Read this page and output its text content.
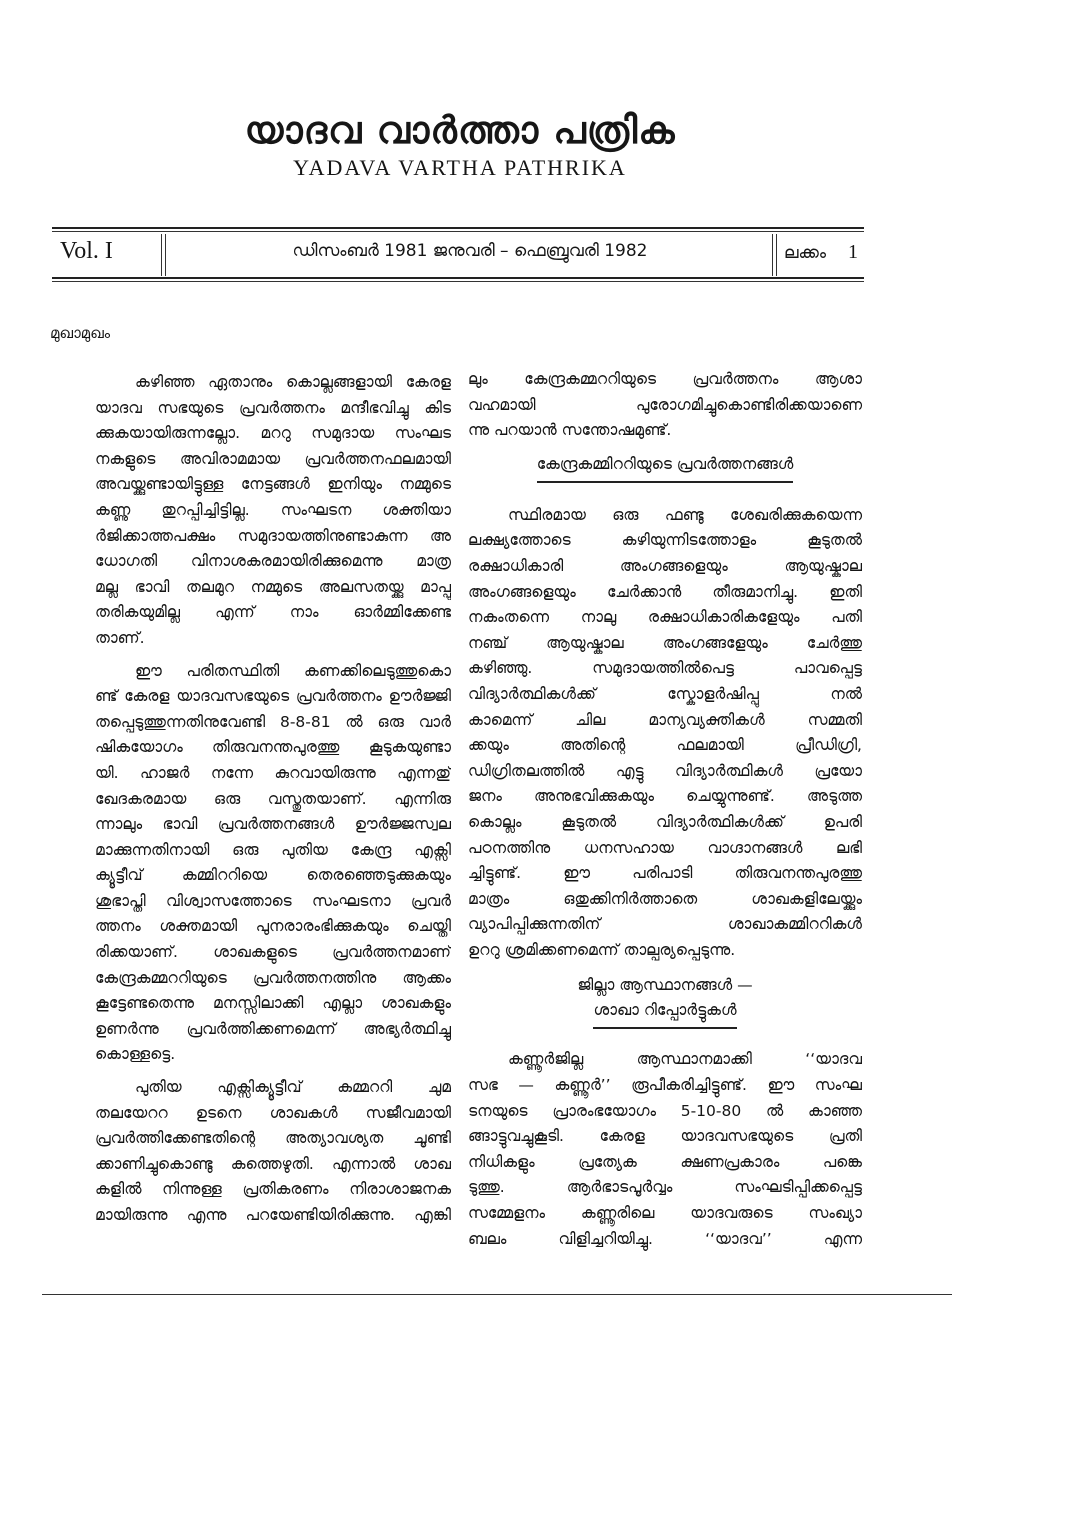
യാദവ വാർത്താ പത്രിക
YADAVA VARTHA PATHRIKA
Vol. I	ഡിസംബർ 1981 ജനുവരി – ഫെബ്രുവരി 1982	ലക്കം 1
മുഖാമുഖം
കഴിഞ്ഞ ഏതാനും കൊല്ലങ്ങളായി കേരള
യാദവ സഭയുടെ പ്രവർത്തനം മന്ദീഭവിച്ചു കിട
ക്കുകയായിരുന്നല്ലോ. മററു സമുദായ സംഘട
നകളുടെ അവിരാമമായ പ്രവർത്തനഫലമായി
അവയ്ക്കുണ്ടായിട്ടുള്ള നേട്ടങ്ങൾ ഇനിയും നമ്മുടെ
കണ്ണു തുറപ്പിച്ചിട്ടില്ല. സംഘടന ശക്തിയാ
ർജിക്കാത്തപക്ഷം സമുദായത്തിനുണ്ടാകുന്ന അ
ധോഗതി വിനാശകരമായിരിക്കുമെന്നു മാത്ര
മല്ല ഭാവി തലമുറ നമ്മുടെ അലസതയ്ക്കു മാപ്പു
തരികയുമില്ല എന്ന് നാം ഓർമ്മിക്കേണ്ട
താണ്.
ഈ പരിതസ്ഥിതി കണക്കിലെടുത്തുകൊ
ണ്ട് കേരള യാദവസഭയുടെ പ്രവർത്തനം ഊർജ്ജി
തപ്പെടുത്തുന്നതിനുവേണ്ടി 8-8-81 ൽ ഒരു വാർ
ഷികയോഗം തിരുവനന്തപുരത്തു കൂടുകയുണ്ടാ
യി. ഹാജർ നന്നേ കുറവായിരുന്നു എന്നതു്
ഖേദകരമായ ഒരു വസ്തുതയാണ്. എന്നിരു
ന്നാലും ഭാവി പ്രവർത്തനങ്ങൾ ഊർജ്ജസ്വല
മാക്കുന്നതിനായി ഒരു പുതിയ കേന്ദ്ര എക്സി
ക്യൂട്ടീവ് കമ്മിററിയെ തെരഞ്ഞെടുക്കുകയും
ശുഭാപ്തി വിശ്വാസത്തോടെ സംഘടനാ പ്രവർ
ത്തനം ശക്തമായി പുനരാരംഭിക്കുകയും ചെയ്തി
രിക്കയാണ്. ശാഖകളുടെ പ്രവർത്തനമാണ്
കേന്ദ്രകമ്മററിയുടെ പ്രവർത്തനത്തിനു ആക്കം
കൂട്ടേണ്ടതെന്നു മനസ്സിലാക്കി എല്ലാ ശാഖകളും
ഉണർന്നു പ്രവർത്തിക്കണമെന്ന് അഭ്യർത്ഥിച്ചു
കൊള്ളട്ടെ.
പുതിയ എക്സിക്യൂട്ടീവ് കമ്മററി ചുമ
തലയേററ ഉടനെ ശാഖകൾ സജീവമായി
പ്രവർത്തിക്കേണ്ടതിന്റെ അത്യാവശ്യത ചൂണ്ടി
ക്കാണിച്ചുകൊണ്ടു കത്തെഴുതി. എന്നാൽ ശാഖ
കളിൽ നിന്നുള്ള പ്രതികരണം നിരാശാജനക
മായിരുന്നു എന്നു പറയേണ്ടിയിരിക്കുന്നു. എങ്കി
ലും കേന്ദ്രകമ്മററിയുടെ പ്രവർത്തനം ആശാ
വഹമായി പുരോഗമിച്ചുകൊണ്ടിരിക്കയാണെ
ന്നു പറയാൻ സന്തോഷമുണ്ട്.
കേന്ദ്രകമ്മിററിയുടെ പ്രവർത്തനങ്ങൾ
സ്ഥിരമായ ഒരു ഫണ്ടു ശേഖരിക്കുകയെന്ന
ലക്ഷ്യത്തോടെ കഴിയുന്നിടത്തോളം കൂടുതൽ
രക്ഷാധികാരി അംഗങ്ങളെയും ആയുഷ്കാല
അംഗങ്ങളെയും ചേർക്കാൻ തീരുമാനിച്ചു. ഇതി
നകംതന്നെ നാലു രക്ഷാധികാരികളേയും പതി
നഞ്ച് ആയുഷ്കാല അംഗങ്ങളേയും ചേർത്തു
കഴിഞ്ഞു. സമുദായത്തിൽപെട്ട പാവപ്പെട്ട
വിദ്യാർത്ഥികൾക്ക് സ്കോളർഷിപ്പു നൽ
കാമെന്ന് ചില മാന്യവ്യക്തികൾ സമ്മതി
ക്കയും അതിന്റെ ഫലമായി പ്രീഡിഗ്രി,
ഡിഗ്രിതലത്തിൽ എട്ടു വിദ്യാർത്ഥികൾ പ്രയോ
ജനം അനുഭവിക്കുകയും ചെയ്യുന്നുണ്ട്. അടുത്ത
കൊല്ലം കൂടുതൽ വിദ്യാർത്ഥികൾക്ക് ഉപരി
പഠനത്തിനു ധനസഹായ വാഗ്ദാനങ്ങൾ ലഭി
ച്ചിട്ടുണ്ട്. ഈ പരിപാടി തിരുവനന്തപുരത്തു
മാത്രം ഒതുക്കിനിർത്താതെ ശാഖകളിലേയ്ക്കും
വ്യാപിപ്പിക്കുന്നതിന് ശാഖാകമ്മിററികൾ
ഉററു ശ്രമിക്കണമെന്ന് താല്പര്യപ്പെടുന്നു.
ജില്ലാ ആസ്ഥാനങ്ങൾ —
ശാഖാ റിപ്പോർട്ടുകൾ
കണ്ണൂർജില്ല ആസ്ഥാനമാക്കി ‘‘യാദവ
സഭ — കണ്ണൂർ’’ രൂപീകരിച്ചിട്ടുണ്ട്. ഈ സംഘ
ടനയുടെ പ്രാരംഭയോഗം 5-10-80 ൽ കാഞ്ഞ
ങ്ങാട്ടുവച്ചുകൂടി. കേരള യാദവസഭയുടെ പ്രതി
നിധികളും പ്രത്യേക ക്ഷണപ്രകാരം പങ്കെ
ടുത്തു. ആർഭാടപൂർവ്വം സംഘടിപ്പിക്കപ്പെട്ട
സമ്മേളനം കണ്ണൂരിലെ യാദവരുടെ സംഖ്യാ
ബലം വിളിച്ചറിയിച്ചു. ‘‘യാദവ’’ എന്ന
